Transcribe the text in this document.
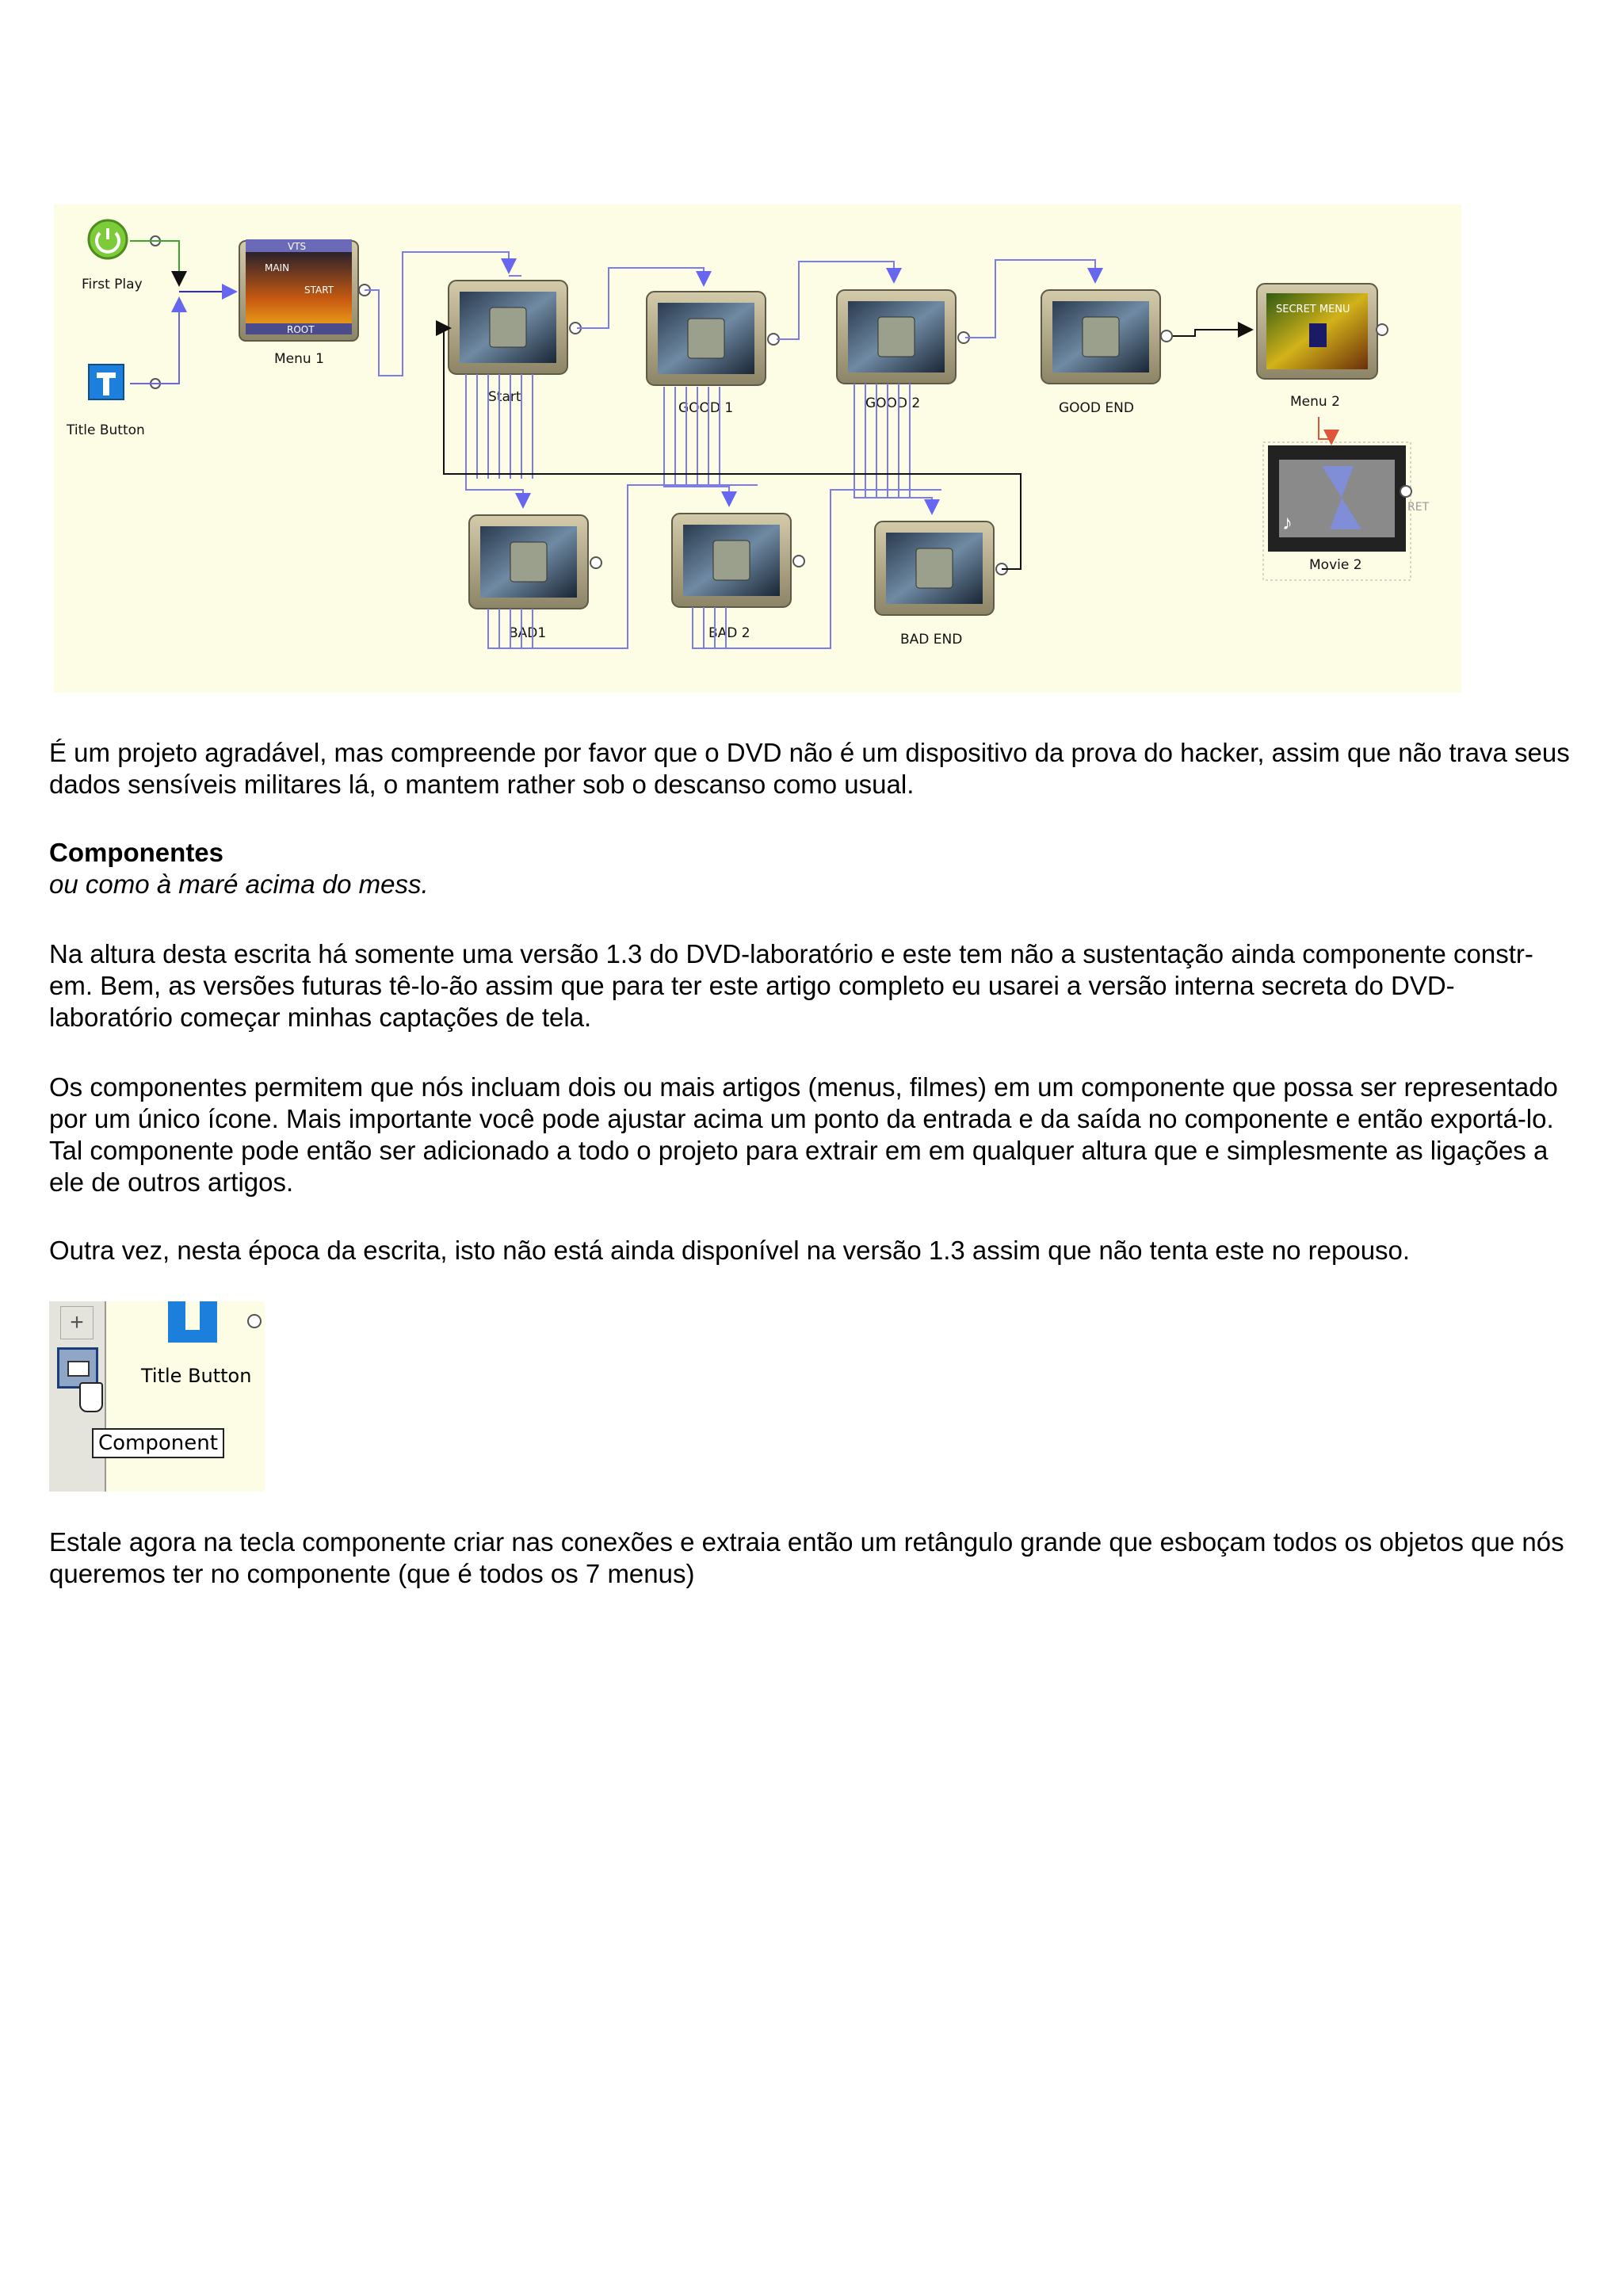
First Play
Title Button
VTS
MAIN
START
ROOT
Menu 1
Start
GOOD 1	GOOD 2	GOOD END
SECRET MENU
Menu 2
♪
RET
Movie 2
BAD1	BAD 2	BAD END

É um projeto agradável, mas compreende por favor que o DVD não é um dispositivo da prova do hacker, assim que não trava seus dados sensíveis militares lá, o mantem rather sob o descanso como usual.

Componentes

ou como à maré acima do mess.

Na altura desta escrita há somente uma versão 1.3 do DVD-laboratório e este tem não a sustentação ainda componente constr-em. Bem, as versões futuras tê-lo-ão assim que para ter este artigo completo eu usarei a versão interna secreta do DVD-laboratório começar minhas captações de tela.

Os componentes permitem que nós incluam dois ou mais artigos (menus, filmes) em um componente que possa ser representado por um único ícone. Mais importante você pode ajustar acima um ponto da entrada e da saída no componente e então exportá-lo. Tal componente pode então ser adicionado a todo o projeto para extrair em em qualquer altura que e simplesmente as ligações a ele de outros artigos.

Outra vez, nesta época da escrita, isto não está ainda disponível na versão 1.3 assim que não tenta este no repouso.

+
Title Button
Component

Estale agora na tecla componente criar nas conexões e extraia então um retângulo grande que esboçam todos os objetos que nós queremos ter no componente (que é todos os 7 menus)
